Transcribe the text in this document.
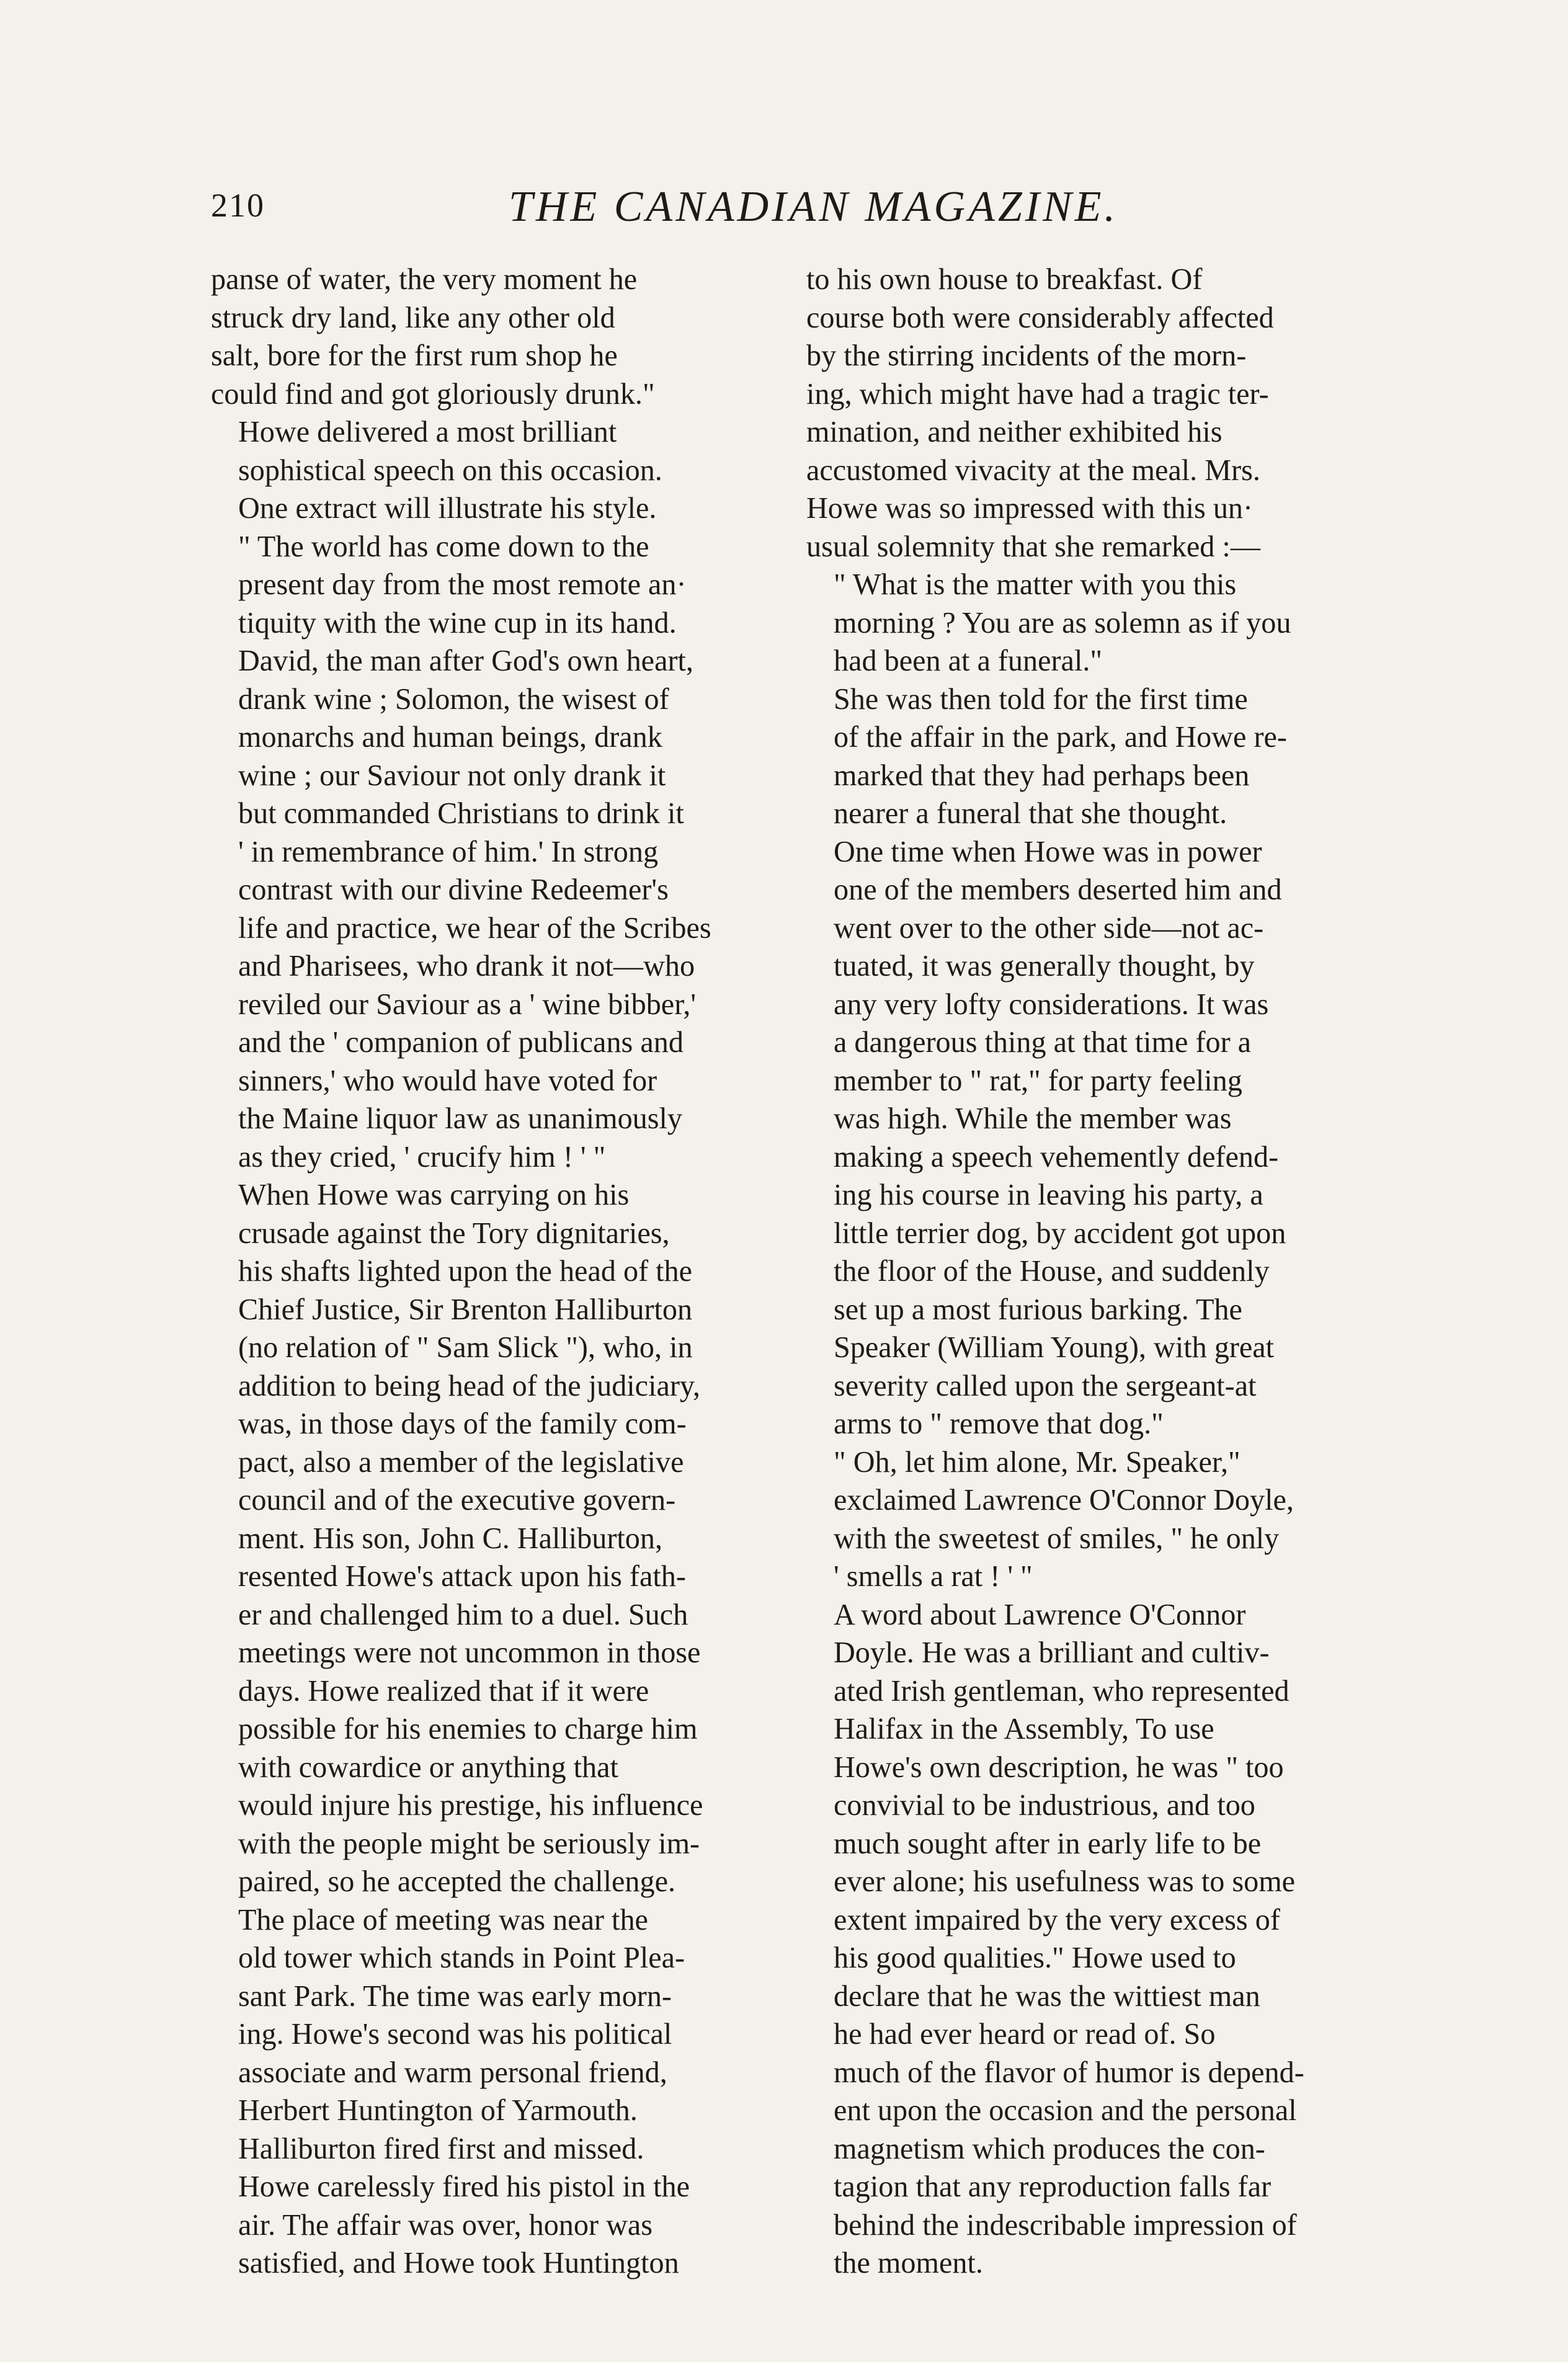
210	THE CANADIAN MAGAZINE.
panse of water, the very moment he
struck dry land, like any other old
salt, bore for the first rum shop he
could find and got gloriously drunk."
Howe delivered a most brilliant
sophistical speech on this occasion.
One extract will illustrate his style.
" The world has come down to the
present day from the most remote an·
tiquity with the wine cup in its hand.
David, the man after God's own heart,
drank wine ; Solomon, the wisest of
monarchs and human beings, drank
wine ; our Saviour not only drank it
but commanded Christians to drink it
' in remembrance of him.' In strong
contrast with our divine Redeemer's
life and practice, we hear of the Scribes
and Pharisees, who drank it not—who
reviled our Saviour as a ' wine bibber,'
and the ' companion of publicans and
sinners,' who would have voted for
the Maine liquor law as unanimously
as they cried, ' crucify him ! ' "
When Howe was carrying on his
crusade against the Tory dignitaries,
his shafts lighted upon the head of the
Chief Justice, Sir Brenton Halliburton
(no relation of " Sam Slick "), who, in
addition to being head of the judiciary,
was, in those days of the family com-
pact, also a member of the legislative
council and of the executive govern-
ment. His son, John C. Halliburton,
resented Howe's attack upon his fath-
er and challenged him to a duel. Such
meetings were not uncommon in those
days. Howe realized that if it were
possible for his enemies to charge him
with cowardice or anything that
would injure his prestige, his influence
with the people might be seriously im-
paired, so he accepted the challenge.
The place of meeting was near the
old tower which stands in Point Plea-
sant Park. The time was early morn-
ing. Howe's second was his political
associate and warm personal friend,
Herbert Huntington of Yarmouth.
Halliburton fired first and missed.
Howe carelessly fired his pistol in the
air. The affair was over, honor was
satisfied, and Howe took Huntington
to his own house to breakfast. Of
course both were considerably affected
by the stirring incidents of the morn-
ing, which might have had a tragic ter-
mination, and neither exhibited his
accustomed vivacity at the meal. Mrs.
Howe was so impressed with this un·
usual solemnity that she remarked :—
" What is the matter with you this
morning ? You are as solemn as if you
had been at a funeral."
She was then told for the first time
of the affair in the park, and Howe re-
marked that they had perhaps been
nearer a funeral that she thought.
One time when Howe was in power
one of the members deserted him and
went over to the other side—not ac-
tuated, it was generally thought, by
any very lofty considerations. It was
a dangerous thing at that time for a
member to " rat," for party feeling
was high. While the member was
making a speech vehemently defend-
ing his course in leaving his party, a
little terrier dog, by accident got upon
the floor of the House, and suddenly
set up a most furious barking. The
Speaker (William Young), with great
severity called upon the sergeant-at
arms to " remove that dog."
" Oh, let him alone, Mr. Speaker,"
exclaimed Lawrence O'Connor Doyle,
with the sweetest of smiles, " he only
' smells a rat ! ' "
A word about Lawrence O'Connor
Doyle. He was a brilliant and cultiv-
ated Irish gentleman, who represented
Halifax in the Assembly, To use
Howe's own description, he was " too
convivial to be industrious, and too
much sought after in early life to be
ever alone; his usefulness was to some
extent impaired by the very excess of
his good qualities." Howe used to
declare that he was the wittiest man
he had ever heard or read of. So
much of the flavor of humor is depend-
ent upon the occasion and the personal
magnetism which produces the con-
tagion that any reproduction falls far
behind the indescribable impression of
the moment.
